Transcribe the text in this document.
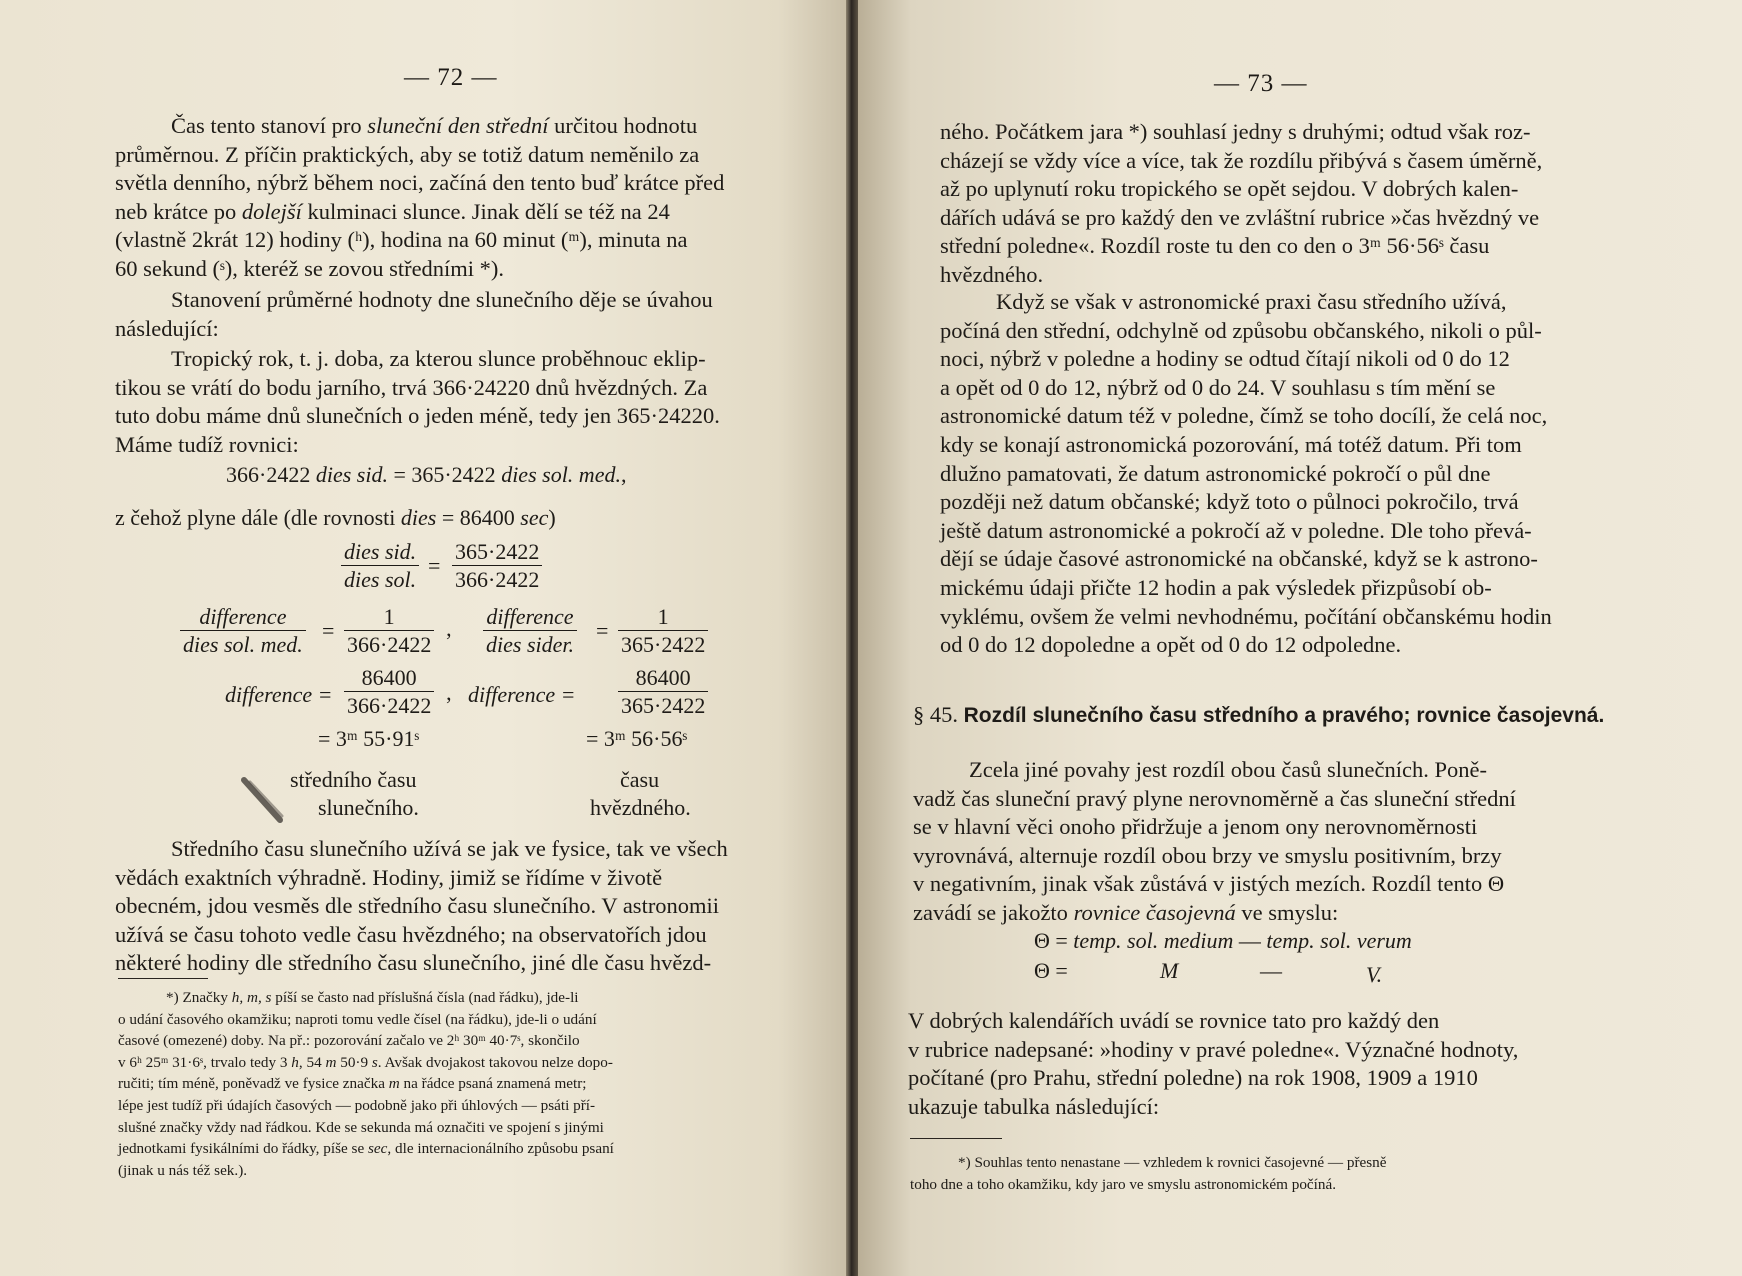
— 72 —
Čas tento stanoví pro sluneční den střední určitou hodnotu
průměrnou. Z příčin praktických, aby se totiž datum neměnilo za
světla denního, nýbrž během noci, začíná den tento buď krátce před
neb krátce po dolejší kulminaci slunce. Jinak dělí se též na 24
(vlastně 2krát 12) hodiny (ʰ), hodina na 60 minut (ᵐ), minuta na
60 sekund (ˢ), kteréž se zovou středními *).
Stanovení průměrné hodnoty dne slunečního děje se úvahou
následující:
Tropický rok, t. j. doba, za kterou slunce proběhnouc eklip-
tikou se vrátí do bodu jarního, trvá 366·24220 dnů hvězdných. Za
tuto dobu máme dnů slunečních o jeden méně, tedy jen 365·24220.
Máme tudíž rovnici:
366·2422 dies sid. = 365·2422 dies sol. med.,
z čehož plyne dále (dle rovnosti dies = 86400 sec)
dies sid.
dies sol.
= $\frac{365\cdot 2422}{366\cdot 2422}$
difference
dies sol. med.
= $\frac{1}{366\cdot 2422}$ ’
difference
dies sider.
= $\frac{1}{365\cdot 2422}$
difference = $\frac{86400}{366\cdot 2422}$ ’ difference = $\frac{86400}{365\cdot 2422}$
= 3ᵐ 55·91ˢ	= 3ᵐ 56·56ˢ
středního času
slunečního.
času
hvězdného.
Středního času slunečního užívá se jak ve fysice, tak ve všech
vědách exaktních výhradně. Hodiny, jimiž se řídíme v životě
obecném, jdou vesměs dle středního času slunečního. V astronomii
užívá se času tohoto vedle času hvězdného; na observatořích jdou
některé hodiny dle středního času slunečního, jiné dle času hvězd-
*) Značky h, m, s píší se často nad příslušná čísla (nad řádku), jde-li
o udání časového okamžiku; naproti tomu vedle čísel (na řádku), jde-li o udání
časové (omezené) doby. Na př.: pozorování začalo ve 2ʰ 30ᵐ 40·7ˢ, skončilo
v 6ʰ 25ᵐ 31·6ˢ, trvalo tedy 3 h, 54 m 50·9 s. Avšak dvojakost takovou nelze dopo-
ručiti; tím méně, poněvadž ve fysice značka m na řádce psaná znamená metr;
lépe jest tudíž při údajích časových — podobně jako při úhlových — psáti pří-
slušné značky vždy nad řádkou. Kde se sekunda má označiti ve spojení s jinými
jednotkami fysikálními do řádky, píše se sec, dle internacionálního způsobu psaní
(jinak u nás též sek.).
— 73 —
ného. Počátkem jara *) souhlasí jedny s druhými; odtud však roz-
cházejí se vždy více a více, tak že rozdílu přibývá s časem úměrně,
až po uplynutí roku tropického se opět sejdou. V dobrých kalen-
dářích udává se pro každý den ve zvláštní rubrice »čas hvězdný ve
střední poledne«. Rozdíl roste tu den co den o 3ᵐ 56·56ˢ času
hvězdného.
Když se však v astronomické praxi času středního užívá,
počíná den střední, odchylně od způsobu občanského, nikoli o půl-
noci, nýbrž v poledne a hodiny se odtud čítají nikoli od 0 do 12
a opět od 0 do 12, nýbrž od 0 do 24. V souhlasu s tím mění se
astronomické datum též v poledne, čímž se toho docílí, že celá noc,
kdy se konají astronomická pozorování, má totéž datum. Při tom
dlužno pamatovati, že datum astronomické pokročí o půl dne
později než datum občanské; když toto o půlnoci pokročilo, trvá
ještě datum astronomické a pokročí až v poledne. Dle toho převá-
dějí se údaje časové astronomické na občanské, když se k astrono-
mickému údaji přičte 12 hodin a pak výsledek přizpůsobí ob-
vyklému, ovšem že velmi nevhodnému, počítání občanskému hodin
od 0 do 12 dopoledne a opět od 0 do 12 odpoledne.
§ 45. Rozdíl slunečního času středního a pravého; rovnice časojevná.
Zcela jiné povahy jest rozdíl obou časů slunečních. Poně-
vadž čas sluneční pravý plyne nerovnoměrně a čas sluneční střední
se v hlavní věci onoho přidržuje a jenom ony nerovnoměrnosti
vyrovnává, alternuje rozdíl obou brzy ve smyslu positivním, brzy
v negativním, jinak však zůstává v jistých mezích. Rozdíl tento Θ
zavádí se jakožto rovnice časojevná ve smyslu:
Θ = temp. sol. medium — temp. sol. verum
Θ =	M	—	V.
V dobrých kalendářích uvádí se rovnice tato pro každý den
v rubrice nadepsané: »hodiny v pravé poledne«. Význačné hodnoty,
počítané (pro Prahu, střední poledne) na rok 1908, 1909 a 1910
ukazuje tabulka následující:
*) Souhlas tento nenastane — vzhledem k rovnici časojevné — přesně
toho dne a toho okamžiku, kdy jaro ve smyslu astronomickém počíná.
